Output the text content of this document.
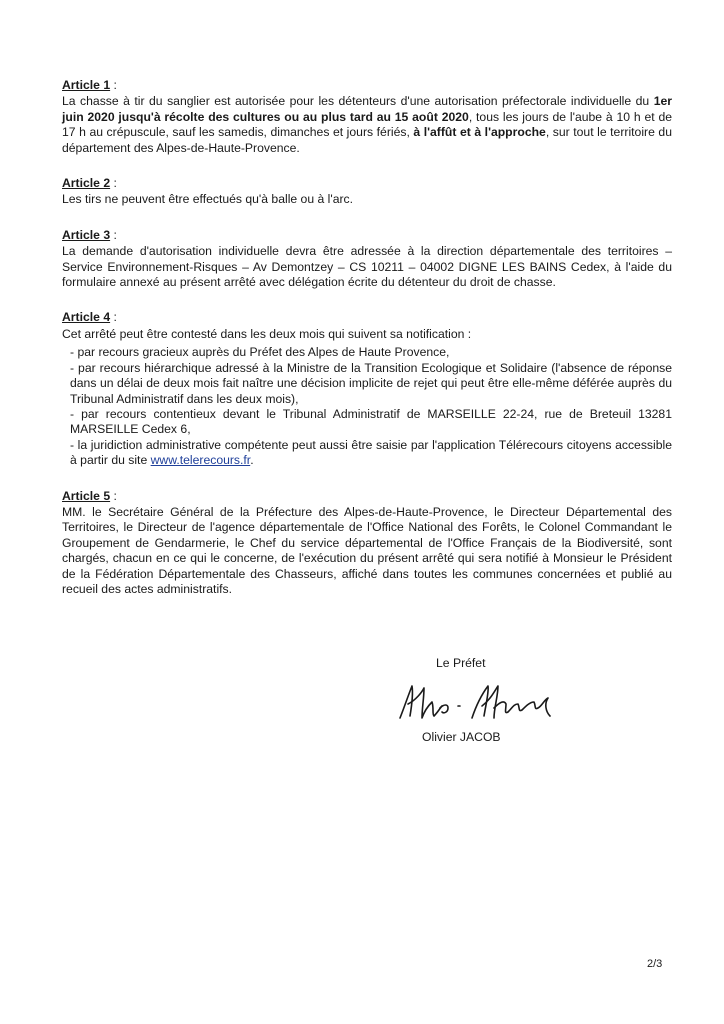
Article 1 :

La chasse à tir du sanglier est autorisée pour les détenteurs d'une autorisation préfectorale individuelle du 1er juin 2020 jusqu'à récolte des cultures ou au plus tard au 15 août 2020, tous les jours de l'aube à 10 h et de 17 h au crépuscule, sauf les samedis, dimanches et jours fériés, à l'affût et à l'approche, sur tout le territoire du département des Alpes-de-Haute-Provence.

Article 2 :

Les tirs ne peuvent être effectués qu'à balle ou à l'arc.

Article 3 :

La demande d'autorisation individuelle devra être adressée à la direction départementale des territoires – Service Environnement-Risques – Av Demontzey – CS 10211 – 04002 DIGNE LES BAINS Cedex, à l'aide du formulaire annexé au présent arrêté avec délégation écrite du détenteur du droit de chasse.

Article 4 :

Cet arrêté peut être contesté dans les deux mois qui suivent sa notification :

- par recours gracieux auprès du Préfet des Alpes de Haute Provence,
- par recours hiérarchique adressé à la Ministre de la Transition Ecologique et Solidaire (l'absence de réponse dans un délai de deux mois fait naître une décision implicite de rejet qui peut être elle-même déférée auprès du Tribunal Administratif dans les deux mois),
- par recours contentieux devant le Tribunal Administratif de MARSEILLE 22-24, rue de Breteuil 13281 MARSEILLE Cedex 6,
- la juridiction administrative compétente peut aussi être saisie par l'application Télérecours citoyens accessible à partir du site www.telerecours.fr.
Article 5 :

MM. le Secrétaire Général de la Préfecture des Alpes-de-Haute-Provence, le Directeur Départemental des Territoires, le Directeur de l'agence départementale de l'Office National des Forêts, le Colonel Commandant le Groupement de Gendarmerie, le Chef du service départemental de l'Office Français de la Biodiversité, sont chargés, chacun en ce qui le concerne, de l'exécution du présent arrêté qui sera notifié à Monsieur le Président de la Fédération Départementale des Chasseurs, affiché dans toutes les communes concernées et publié au recueil des actes administratifs.

Le Préfet
Olivier JACOB
2/3
